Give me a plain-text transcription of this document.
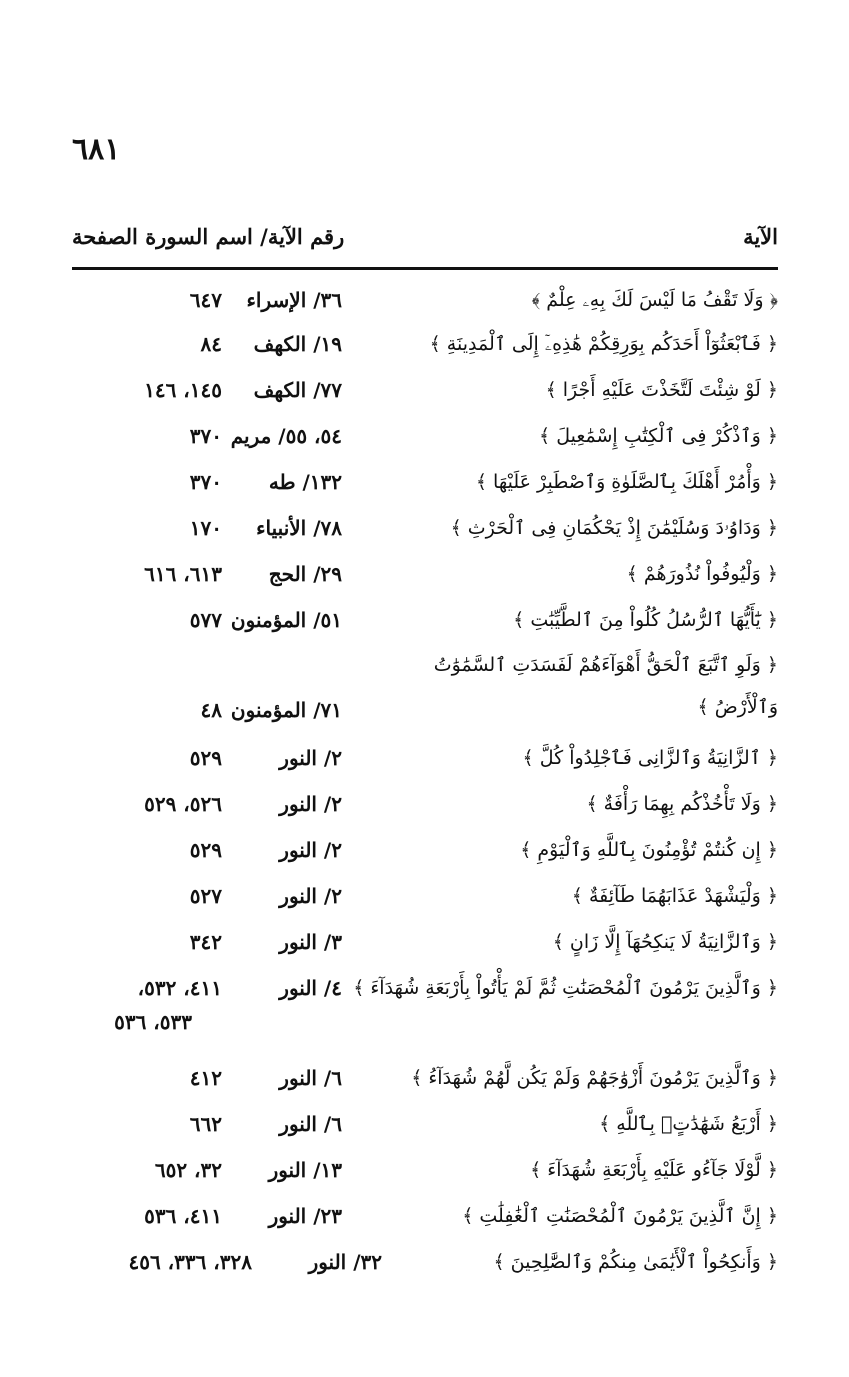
٦٨١
الآية
رقم الآية/ اسم السورة الصفحة
﴿ وَلَا تَقْفُ مَا لَيْسَ لَكَ بِهِۦ عِلْمٌ ﴾
٣٦/ الإسراء
٦٤٧
﴿ فَٱبْعَثُوٓاْ أَحَدَكُم بِوَرِقِكُمْ هَٰذِهِۦٓ إِلَى ٱلْمَدِينَةِ ﴾
١٩/ الكهف
٨٤
﴿ لَوْ شِئْتَ لَتَّخَذْتَ عَلَيْهِ أَجْرًا ﴾
٧٧/ الكهف
١٤٥، ١٤٦
﴿ وَٱذْكُرْ فِى ٱلْكِتَٰبِ إِسْمَٰعِيلَ ﴾
٥٤، ٥٥/ مريم
٣٧٠
﴿ وَأْمُرْ أَهْلَكَ بِٱلصَّلَوٰةِ وَٱصْطَبِرْ عَلَيْهَا ﴾
١٣٢/ طه
٣٧٠
﴿ وَدَاوُۥدَ وَسُلَيْمَٰنَ إِذْ يَحْكُمَانِ فِى ٱلْحَرْثِ ﴾
٧٨/ الأنبياء
١٧٠
﴿ وَلْيُوفُواْ نُذُورَهُمْ ﴾
٢٩/ الحج
٦١٣، ٦١٦
﴿ يَٰٓأَيُّهَا ٱلرُّسُلُ كُلُواْ مِنَ ٱلطَّيِّبَٰتِ ﴾
٥١/ المؤمنون
٥٧٧
﴿ وَلَوِ ٱتَّبَعَ ٱلْحَقُّ أَهْوَآءَهُمْ لَفَسَدَتِ ٱلسَّمَٰوَٰتُ وَٱلْأَرْضُ ﴾
٧١/ المؤمنون
٤٨
﴿ ٱلزَّانِيَةُ وَٱلزَّانِى فَٱجْلِدُواْ كُلَّ ﴾
٢/ النور
٥٢٩
﴿ وَلَا تَأْخُذْكُم بِهِمَا رَأْفَةٌ ﴾
٢/ النور
٥٢٦، ٥٢٩
﴿ إِن كُنتُمْ تُؤْمِنُونَ بِٱللَّهِ وَٱلْيَوْمِ ﴾
٢/ النور
٥٢٩
﴿ وَلْيَشْهَدْ عَذَابَهُمَا طَآئِفَةٌ ﴾
٢/ النور
٥٢٧
﴿ وَٱلزَّانِيَةُ لَا يَنكِحُهَآ إِلَّا زَانٍ ﴾
٣/ النور
٣٤٢
﴿ وَٱلَّذِينَ يَرْمُونَ ٱلْمُحْصَنَٰتِ ثُمَّ لَمْ يَأْتُواْ بِأَرْبَعَةِ شُهَدَآءَ ﴾
٤/ النور
٤١١، ٥٣٢،
٥٣٣، ٥٣٦
﴿ وَٱلَّذِينَ يَرْمُونَ أَزْوَٰجَهُمْ وَلَمْ يَكُن لَّهُمْ شُهَدَآءُ ﴾
٦/ النور
٤١٢
﴿ أَرْبَعُ شَهَٰدَٰتٍۭ بِٱللَّهِ ﴾
٦/ النور
٦٦٢
﴿ لَّوْلَا جَآءُو عَلَيْهِ بِأَرْبَعَةِ شُهَدَآءَ ﴾
١٣/ النور
٣٢، ٦٥٢
﴿ إِنَّ ٱلَّذِينَ يَرْمُونَ ٱلْمُحْصَنَٰتِ ٱلْغَٰفِلَٰتِ ﴾
٢٣/ النور
٤١١، ٥٣٦
﴿ وَأَنكِحُواْ ٱلْأَيَٰمَىٰ مِنكُمْ وَٱلصَّٰلِحِينَ ﴾
٣٢/ النور
٣٢٨، ٣٣٦، ٤٥٦
